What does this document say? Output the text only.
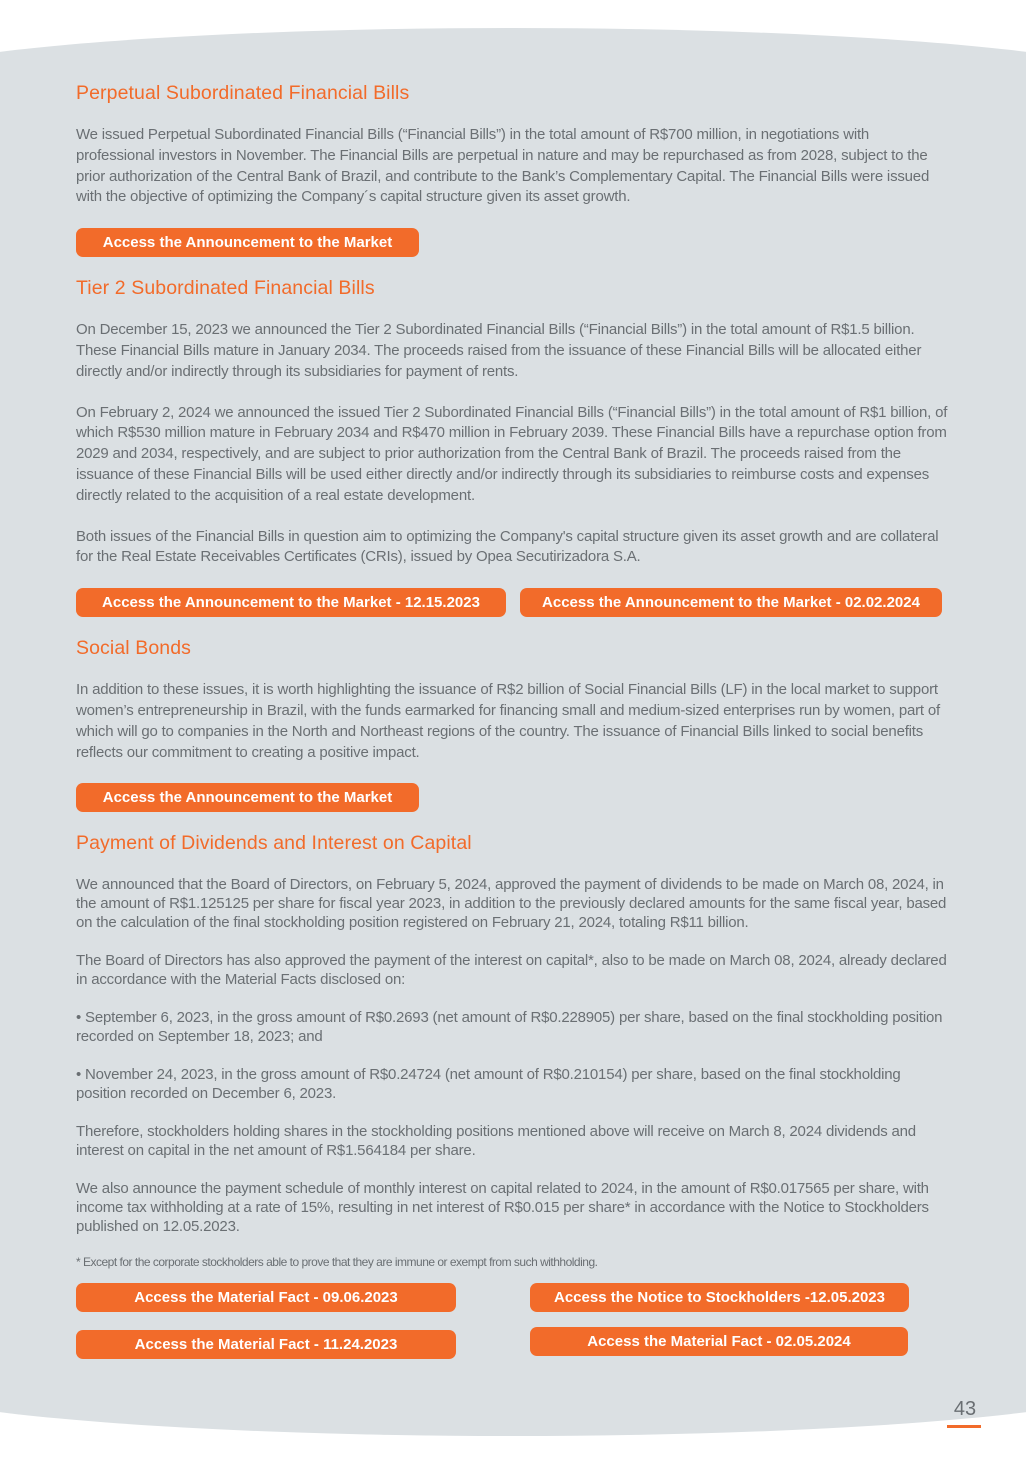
Perpetual Subordinated Financial Bills

We issued Perpetual Subordinated Financial Bills (“Financial Bills”) in the total amount of R$700 million, in negotiations with professional investors in November. The Financial Bills are perpetual in nature and may be repurchased as from 2028, subject to the prior authorization of the Central Bank of Brazil, and contribute to the Bank’s Complementary Capital. The Financial Bills were issued with the objective of optimizing the Company´s capital structure given its asset growth.

Access the Announcement to the Market
Tier 2 Subordinated Financial Bills

On December 15, 2023 we announced the Tier 2 Subordinated Financial Bills (“Financial Bills”) in the total amount of R$1.5 billion. These Financial Bills mature in January 2034. The proceeds raised from the issuance of these Financial Bills will be allocated either directly and/or indirectly through its subsidiaries for payment of rents.

On February 2, 2024 we announced the issued Tier 2 Subordinated Financial Bills (“Financial Bills”) in the total amount of R$1 billion, of which R$530 million mature in February 2034 and R$470 million in February 2039. These Financial Bills have a repurchase option from 2029 and 2034, respectively, and are subject to prior authorization from the Central Bank of Brazil. The proceeds raised from the issuance of these Financial Bills will be used either directly and/or indirectly through its subsidiaries to reimburse costs and expenses directly related to the acquisition of a real estate development.

Both issues of the Financial Bills in question aim to optimizing the Company's capital structure given its asset growth and are collateral for the Real Estate Receivables Certificates (CRIs), issued by Opea Secutirizadora S.A.

Access the Announcement to the Market - 12.15.2023	Access the Announcement to the Market - 02.02.2024
Social Bonds

In addition to these issues, it is worth highlighting the issuance of R$2 billion of Social Financial Bills (LF) in the local market to support women’s entrepreneurship in Brazil, with the funds earmarked for financing small and medium-sized enterprises run by women, part of which will go to companies in the North and Northeast regions of the country. The issuance of Financial Bills linked to social benefits reflects our commitment to creating a positive impact.

Access the Announcement to the Market
Payment of Dividends and Interest on Capital

We announced that the Board of Directors, on February 5, 2024, approved the payment of dividends to be made on March 08, 2024, in the amount of R$1.125125 per share for fiscal year 2023, in addition to the previously declared amounts for the same fiscal year, based on the calculation of the final stockholding position registered on February 21, 2024, totaling R$11 billion.

The Board of Directors has also approved the payment of the interest on capital*, also to be made on March 08, 2024, already declared in accordance with the Material Facts disclosed on:

• September 6, 2023, in the gross amount of R$0.2693 (net amount of R$0.228905) per share, based on the final stockholding position recorded on September 18, 2023; and

• November 24, 2023, in the gross amount of R$0.24724 (net amount of R$0.210154) per share, based on the final stockholding position recorded on December 6, 2023.

Therefore, stockholders holding shares in the stockholding positions mentioned above will receive on March 8, 2024 dividends and interest on capital in the net amount of R$1.564184 per share.

We also announce the payment schedule of monthly interest on capital related to 2024, in the amount of R$0.017565 per share, with income tax withholding at a rate of 15%, resulting in net interest of R$0.015 per share* in accordance with the Notice to Stockholders published on 12.05.2023.

* Except for the corporate stockholders able to prove that they are immune or exempt from such withholding.
Access the Material Fact - 09.06.2023	Access the Notice to Stockholders -12.05.2023
Access the Material Fact - 11.24.2023	Access the Material Fact - 02.05.2024
43
